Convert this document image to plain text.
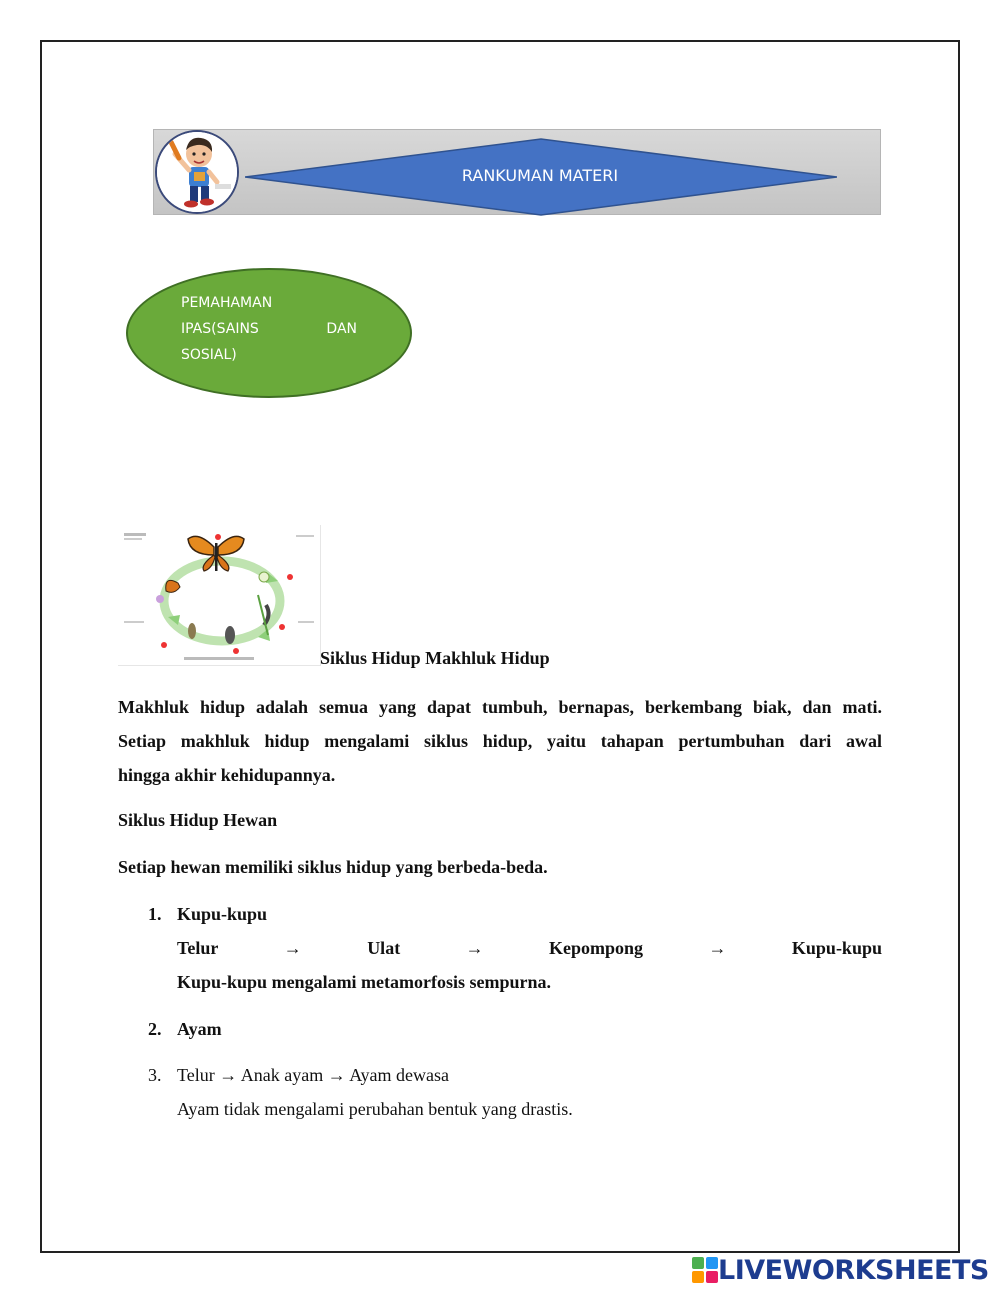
RANKUMAN MATERI
PEMAHAMAN
IPAS(SAINS	DAN
SOSIAL)
Siklus Hidup Makhluk Hidup
Makhluk hidup adalah semua yang dapat tumbuh, bernapas, berkembang biak, dan mati.
Setiap makhluk hidup mengalami siklus hidup, yaitu tahapan pertumbuhan dari awal
hingga akhir kehidupannya.
Siklus Hidup Hewan
Setiap hewan memiliki siklus hidup yang berbeda-beda.
1. Kupu-kupu
Telur	→	Ulat	→	Kepompong	→	Kupu-kupu
Kupu-kupu mengalami metamorfosis sempurna.
2. Ayam
3. Telur → Anak ayam → Ayam dewasa
Ayam tidak mengalami perubahan bentuk yang drastis.
LIVEWORKSHEETS
